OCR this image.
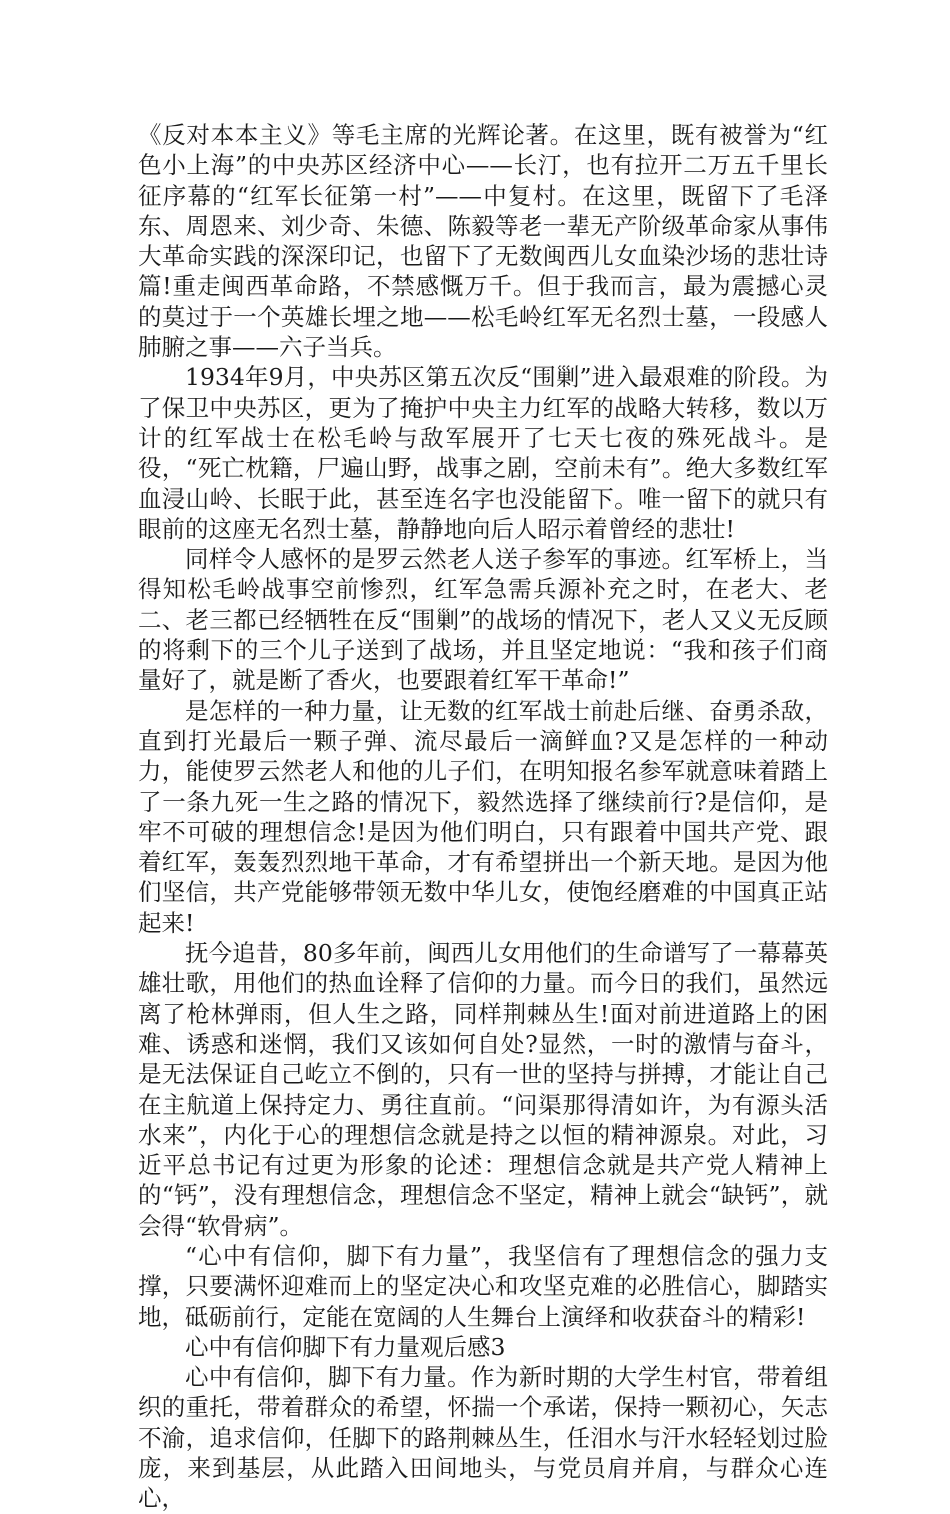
《反对本本主义》等毛主席的光辉论著。在这里，既有被誉为“红色小上海”的中央苏区经济中心——长汀，也有拉开二万五千里长征序幕的“红军长征第一村”——中复村。在这里，既留下了毛泽东、周恩来、刘少奇、朱德、陈毅等老一辈无产阶级革命家从事伟大革命实践的深深印记，也留下了无数闽西儿女血染沙场的悲壮诗篇!重走闽西革命路，不禁感慨万千。但于我而言，最为震撼心灵的莫过于一个英雄长埋之地——松毛岭红军无名烈士墓，一段感人肺腑之事——六子当兵。

1934年9月，中央苏区第五次反“围剿”进入最艰难的阶段。为了保卫中央苏区，更为了掩护中央主力红军的战略大转移，数以万计的红军战士在松毛岭与敌军展开了七天七夜的殊死战斗。是役，“死亡枕籍，尸遍山野，战事之剧，空前未有”。绝大多数红军血浸山岭、长眠于此，甚至连名字也没能留下。唯一留下的就只有眼前的这座无名烈士墓，静静地向后人昭示着曾经的悲壮!

同样令人感怀的是罗云然老人送子参军的事迹。红军桥上，当得知松毛岭战事空前惨烈，红军急需兵源补充之时，在老大、老二、老三都已经牺牲在反“围剿”的战场的情况下，老人又义无反顾的将剩下的三个儿子送到了战场，并且坚定地说：“我和孩子们商量好了，就是断了香火，也要跟着红军干革命!”

是怎样的一种力量，让无数的红军战士前赴后继、奋勇杀敌，直到打光最后一颗子弹、流尽最后一滴鲜血?又是怎样的一种动力，能使罗云然老人和他的儿子们，在明知报名参军就意味着踏上了一条九死一生之路的情况下，毅然选择了继续前行?是信仰，是牢不可破的理想信念!是因为他们明白，只有跟着中国共产党、跟着红军，轰轰烈烈地干革命，才有希望拼出一个新天地。是因为他们坚信，共产党能够带领无数中华儿女，使饱经磨难的中国真正站起来!

抚今追昔，80多年前，闽西儿女用他们的生命谱写了一幕幕英雄壮歌，用他们的热血诠释了信仰的力量。而今日的我们，虽然远离了枪林弹雨，但人生之路，同样荆棘丛生!面对前进道路上的困难、诱惑和迷惘，我们又该如何自处?显然，一时的激情与奋斗，是无法保证自己屹立不倒的，只有一世的坚持与拼搏，才能让自己在主航道上保持定力、勇往直前。“问渠那得清如许，为有源头活水来”，内化于心的理想信念就是持之以恒的精神源泉。对此，习近平总书记有过更为形象的论述：理想信念就是共产党人精神上的“钙”，没有理想信念，理想信念不坚定，精神上就会“缺钙”，就会得“软骨病”。

“心中有信仰，脚下有力量”，我坚信有了理想信念的强力支撑，只要满怀迎难而上的坚定决心和攻坚克难的必胜信心，脚踏实地，砥砺前行，定能在宽阔的人生舞台上演绎和收获奋斗的精彩!

心中有信仰脚下有力量观后感3

心中有信仰，脚下有力量。作为新时期的大学生村官，带着组织的重托，带着群众的希望，怀揣一个承诺，保持一颗初心，矢志不渝，追求信仰，任脚下的路荆棘丛生，任泪水与汗水轻轻划过脸庞，来到基层，从此踏入田间地头，与党员肩并肩，与群众心连心，
